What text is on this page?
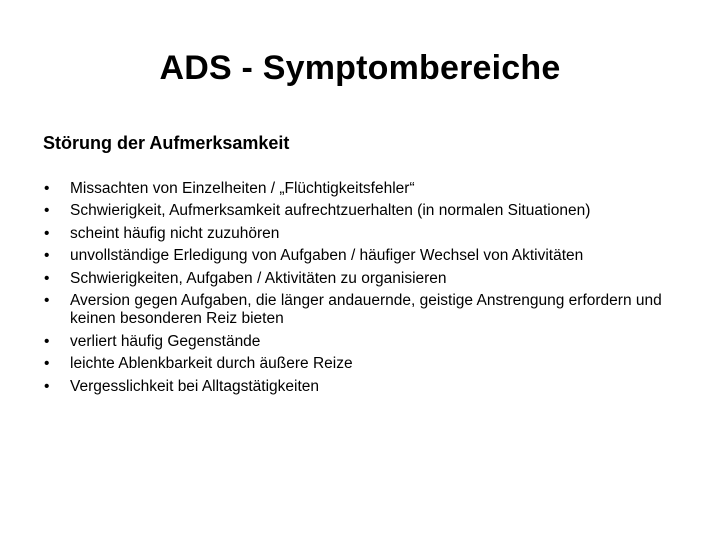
ADS - Symptombereiche
Störung der Aufmerksamkeit
•	Missachten von Einzelheiten / „Flüchtigkeitsfehler“
•	Schwierigkeit, Aufmerksamkeit aufrechtzuerhalten (in normalen Situationen)
•	scheint häufig nicht zuzuhören
•	unvollständige Erledigung von Aufgaben / häufiger Wechsel von Aktivitäten
•	Schwierigkeiten, Aufgaben / Aktivitäten zu organisieren
•	Aversion gegen Aufgaben, die länger andauernde, geistige Anstrengung erfordern und keinen besonderen Reiz bieten
•	verliert häufig Gegenstände
•	leichte Ablenkbarkeit durch äußere Reize
•	Vergesslichkeit bei Alltagstätigkeiten
